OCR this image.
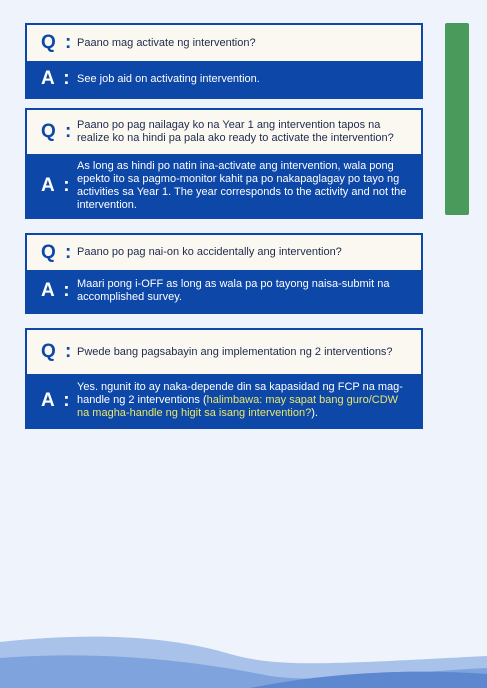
Q : Paano mag activate ng intervention?
A : See job aid on activating intervention.
Q : Paano po pag nailagay ko na Year 1 ang intervention tapos na realize ko na hindi pa pala ako ready to activate the intervention?
A :
As long as hindi po natin ina-activate ang intervention, wala pong epekto ito sa pagmo-monitor kahit pa po nakapaglagay po tayo ng activities sa Year 1. The year corresponds to the activity and not the intervention.
Q : Paano po pag nai-on ko accidentally ang intervention?
A : Maari pong i-OFF as long as wala pa po tayong naisa-submit na accomplished survey.
Q : Pwede bang pagsabayin ang implementation ng 2 interventions?
A :
Yes. ngunit ito ay naka-depende din sa kapasidad ng FCP na mag-handle ng 2 interventions (halimbawa: may sapat bang guro/CDW na magha-handle ng higit sa isang intervention?).
